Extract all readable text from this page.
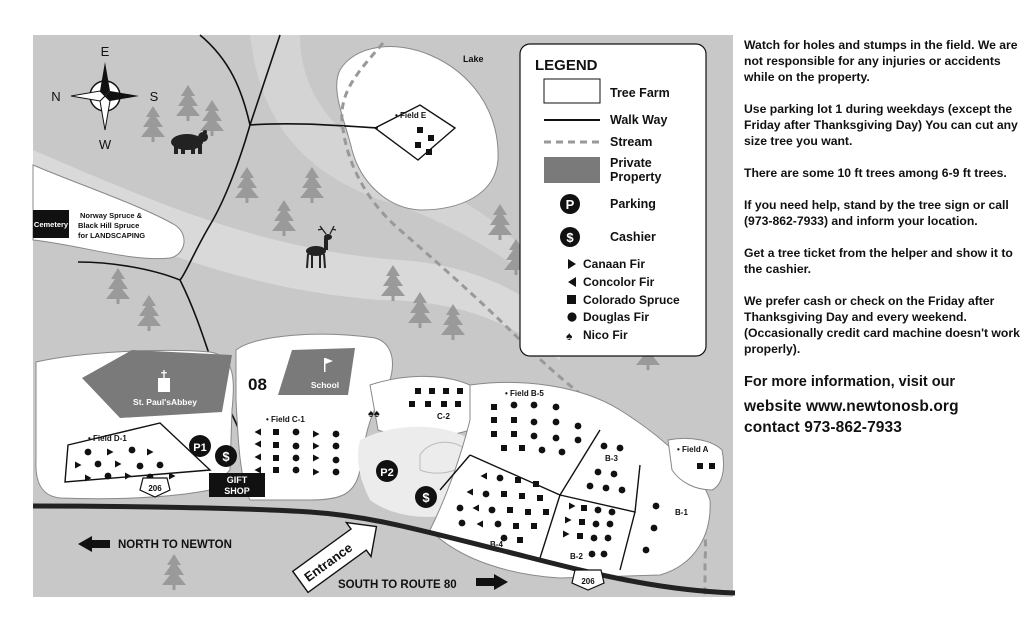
Cemetery
Norway Spruce &
Black Hill Spruce
for LANDSCAPING
• Field E
Lake
✝
St. Paul'sAbbey
• Field D-1
School
08
• Field C-1	♠♠	C-2
• Field B-5
B-3
B-4
B-2
B-1
• Field A
206
206
NORTH TO NEWTON
SOUTH TO ROUTE 80
Entrance
P1
$
P2
$
GIFT
SHOP
E
W
N	S
LEGEND
Tree Farm
Walk Way
Stream
Private
Property
P	Parking
$	Cashier
Canaan Fir
Concolor Fir
Colorado Spruce
Douglas Fir
♠ Nico Fir

Watch for holes and stumps in the field. We are not responsible for any injuries or accidents while on the property.

Use parking lot 1 during weekdays (except the Friday after Thanksgiving Day) You can cut any size tree you want.

There are some 10 ft trees among 6-9 ft trees.

If you need help, stand by the tree sign or call (973-862-7933) and inform your location.

Get a tree ticket from the helper and show it to the cashier.

We prefer cash or check on the Friday after Thanksgiving Day and every weekend. (Occasionally credit card machine doesn't work properly).

For more information, visit our
website www.newtonosb.org
contact 973-862-7933
